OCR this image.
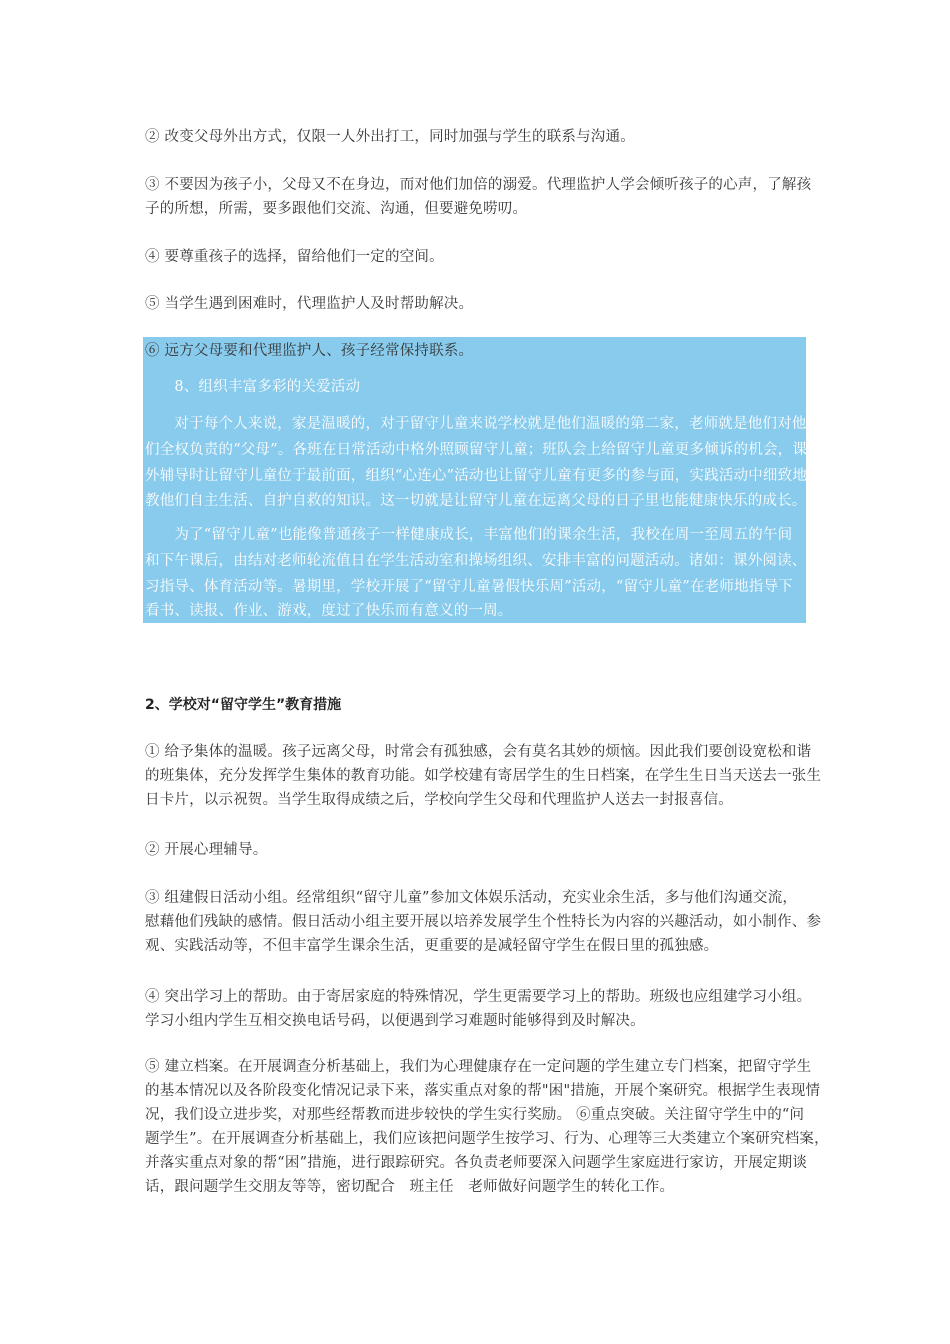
② 改变父母外出方式，仅限一人外出打工，同时加强与学生的联系与沟通。
③ 不要因为孩子小，父母又不在身边，而对他们加倍的溺爱。代理监护人学会倾听孩子的心声，了解孩
子的所想，所需，要多跟他们交流、沟通，但要避免唠叨。
④ 要尊重孩子的选择，留给他们一定的空间。
⑤ 当学生遇到困难时，代理监护人及时帮助解决。
⑥ 远方父母要和代理监护人、孩子经常保持联系。
　　8、组织丰富多彩的关爱活动
　　对于每个人来说，家是温暖的，对于留守儿童来说学校就是他们温暖的第二家，老师就是他们对他
们全权负责的“父母”。各班在日常活动中格外照顾留守儿童；班队会上给留守儿童更多倾诉的机会，课
外辅导时让留守儿童位于最前面，组织“心连心”活动也让留守儿童有更多的参与面，实践活动中细致地
教他们自主生活、自护自救的知识。这一切就是让留守儿童在远离父母的日子里也能健康快乐的成长。
　　为了“留守儿童”也能像普通孩子一样健康成长，丰富他们的课余生活，我校在周一至周五的午间
和下午课后，由结对老师轮流值日在学生活动室和操场组织、安排丰富的问题活动。诸如：课外阅读、学
习指导、体育活动等。暑期里，学校开展了“留守儿童暑假快乐周”活动，“留守儿童”在老师地指导下
看书、读报、作业、游戏，度过了快乐而有意义的一周。
2、学校对“留守学生”教育措施
① 给予集体的温暖。孩子远离父母，时常会有孤独感，会有莫名其妙的烦恼。因此我们要创设宽松和谐
的班集体，充分发挥学生集体的教育功能。如学校建有寄居学生的生日档案，在学生生日当天送去一张生
日卡片，以示祝贺。当学生取得成绩之后，学校向学生父母和代理监护人送去一封报喜信。
② 开展心理辅导。
③ 组建假日活动小组。经常组织“留守儿童”参加文体娱乐活动，充实业余生活，多与他们沟通交流，
慰藉他们残缺的感情。假日活动小组主要开展以培养发展学生个性特长为内容的兴趣活动，如小制作、参
观、实践活动等，不但丰富学生课余生活，更重要的是减轻留守学生在假日里的孤独感。
④ 突出学习上的帮助。由于寄居家庭的特殊情况，学生更需要学习上的帮助。班级也应组建学习小组。
学习小组内学生互相交换电话号码，以便遇到学习难题时能够得到及时解决。
⑤ 建立档案。在开展调查分析基础上，我们为心理健康存在一定问题的学生建立专门档案，把留守学生
的基本情况以及各阶段变化情况记录下来，落实重点对象的帮"困"措施，开展个案研究。根据学生表现情
况，我们设立进步奖，对那些经帮教而进步较快的学生实行奖励。 ⑥重点突破。关注留守学生中的“问
题学生”。在开展调查分析基础上，我们应该把问题学生按学习、行为、心理等三大类建立个案研究档案，
并落实重点对象的帮“困”措施，进行跟踪研究。各负责老师要深入问题学生家庭进行家访，开展定期谈
话，跟问题学生交朋友等等，密切配合　班主任　老师做好问题学生的转化工作。
